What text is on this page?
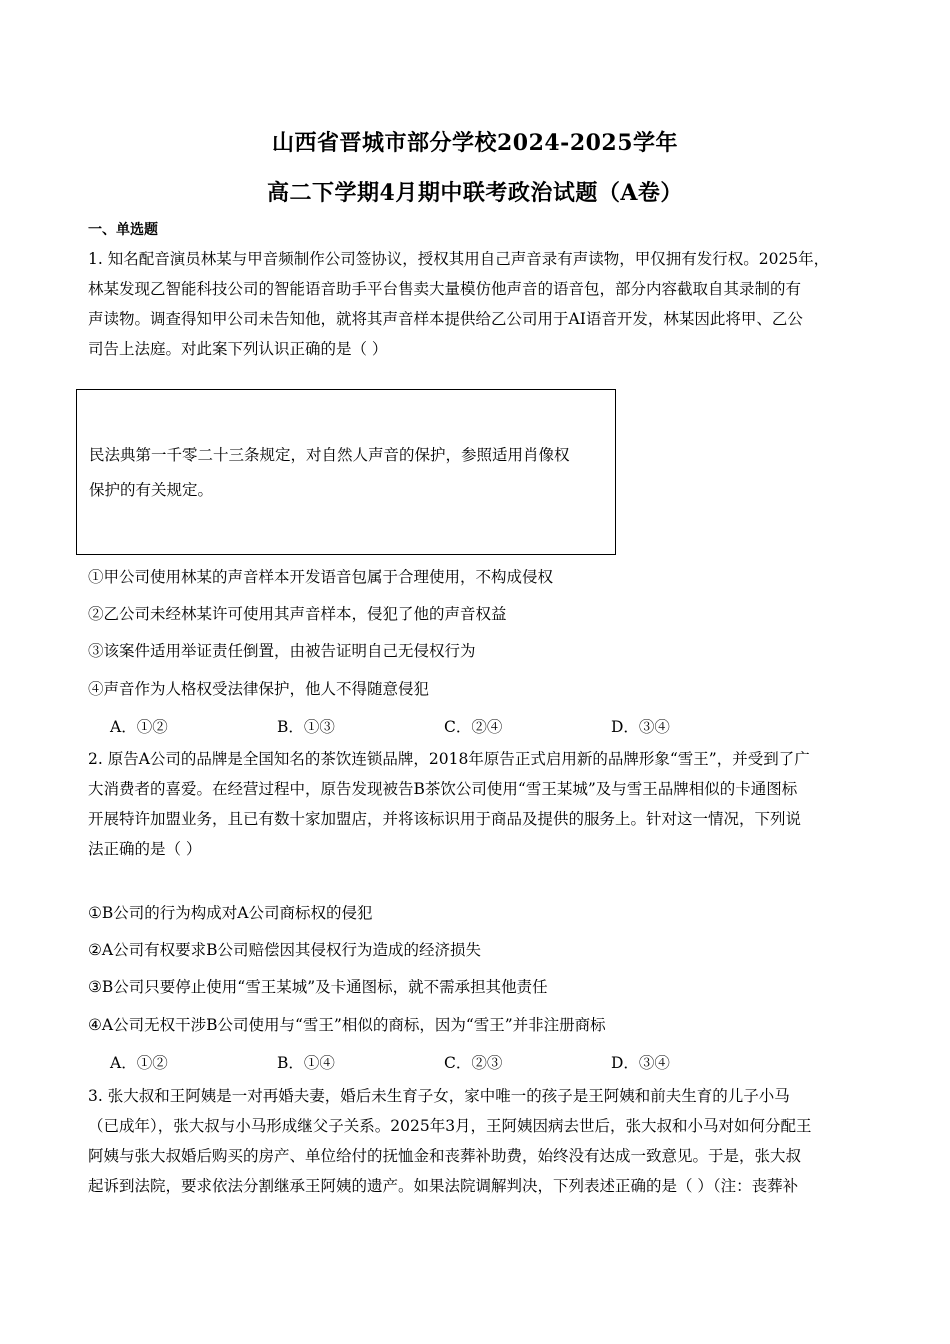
山西省晋城市部分学校2024-2025学年
高二下学期4月期中联考政治试题（A卷）
一、单选题
1. 知名配音演员林某与甲音频制作公司签协议，授权其用自己声音录有声读物，甲仅拥有发行权。2025年，
林某发现乙智能科技公司的智能语音助手平台售卖大量模仿他声音的语音包，部分内容截取自其录制的有
声读物。调查得知甲公司未告知他，就将其声音样本提供给乙公司用于AI语音开发，林某因此将甲、乙公
司告上法庭。对此案下列认识正确的是（ ）
民法典第一千零二十三条规定，对自然人声音的保护，参照适用肖像权
保护的有关规定。
①甲公司使用林某的声音样本开发语音包属于合理使用，不构成侵权
②乙公司未经林某许可使用其声音样本，侵犯了他的声音权益
③该案件适用举证责任倒置，由被告证明自己无侵权行为
④声音作为人格权受法律保护，他人不得随意侵犯
A．①②	B．①③	C．②④	D．③④
2. 原告A公司的品牌是全国知名的茶饮连锁品牌，2018年原告正式启用新的品牌形象“雪王”，并受到了广
大消费者的喜爱。在经营过程中，原告发现被告B茶饮公司使用“雪王某城”及与雪王品牌相似的卡通图标
开展特许加盟业务，且已有数十家加盟店，并将该标识用于商品及提供的服务上。针对这一情况，下列说
法正确的是（ ）
①B公司的行为构成对A公司商标权的侵犯
②A公司有权要求B公司赔偿因其侵权行为造成的经济损失
③B公司只要停止使用“雪王某城”及卡通图标，就不需承担其他责任
④A公司无权干涉B公司使用与“雪王”相似的商标，因为“雪王”并非注册商标
A．①②	B．①④	C．②③	D．③④
3. 张大叔和王阿姨是一对再婚夫妻，婚后未生育子女，家中唯一的孩子是王阿姨和前夫生育的儿子小马
（已成年），张大叔与小马形成继父子关系。2025年3月，王阿姨因病去世后，张大叔和小马对如何分配王
阿姨与张大叔婚后购买的房产、单位给付的抚恤金和丧葬补助费，始终没有达成一致意见。于是，张大叔
起诉到法院，要求依法分割继承王阿姨的遗产。如果法院调解判决，下列表述正确的是（ ）（注：丧葬补
